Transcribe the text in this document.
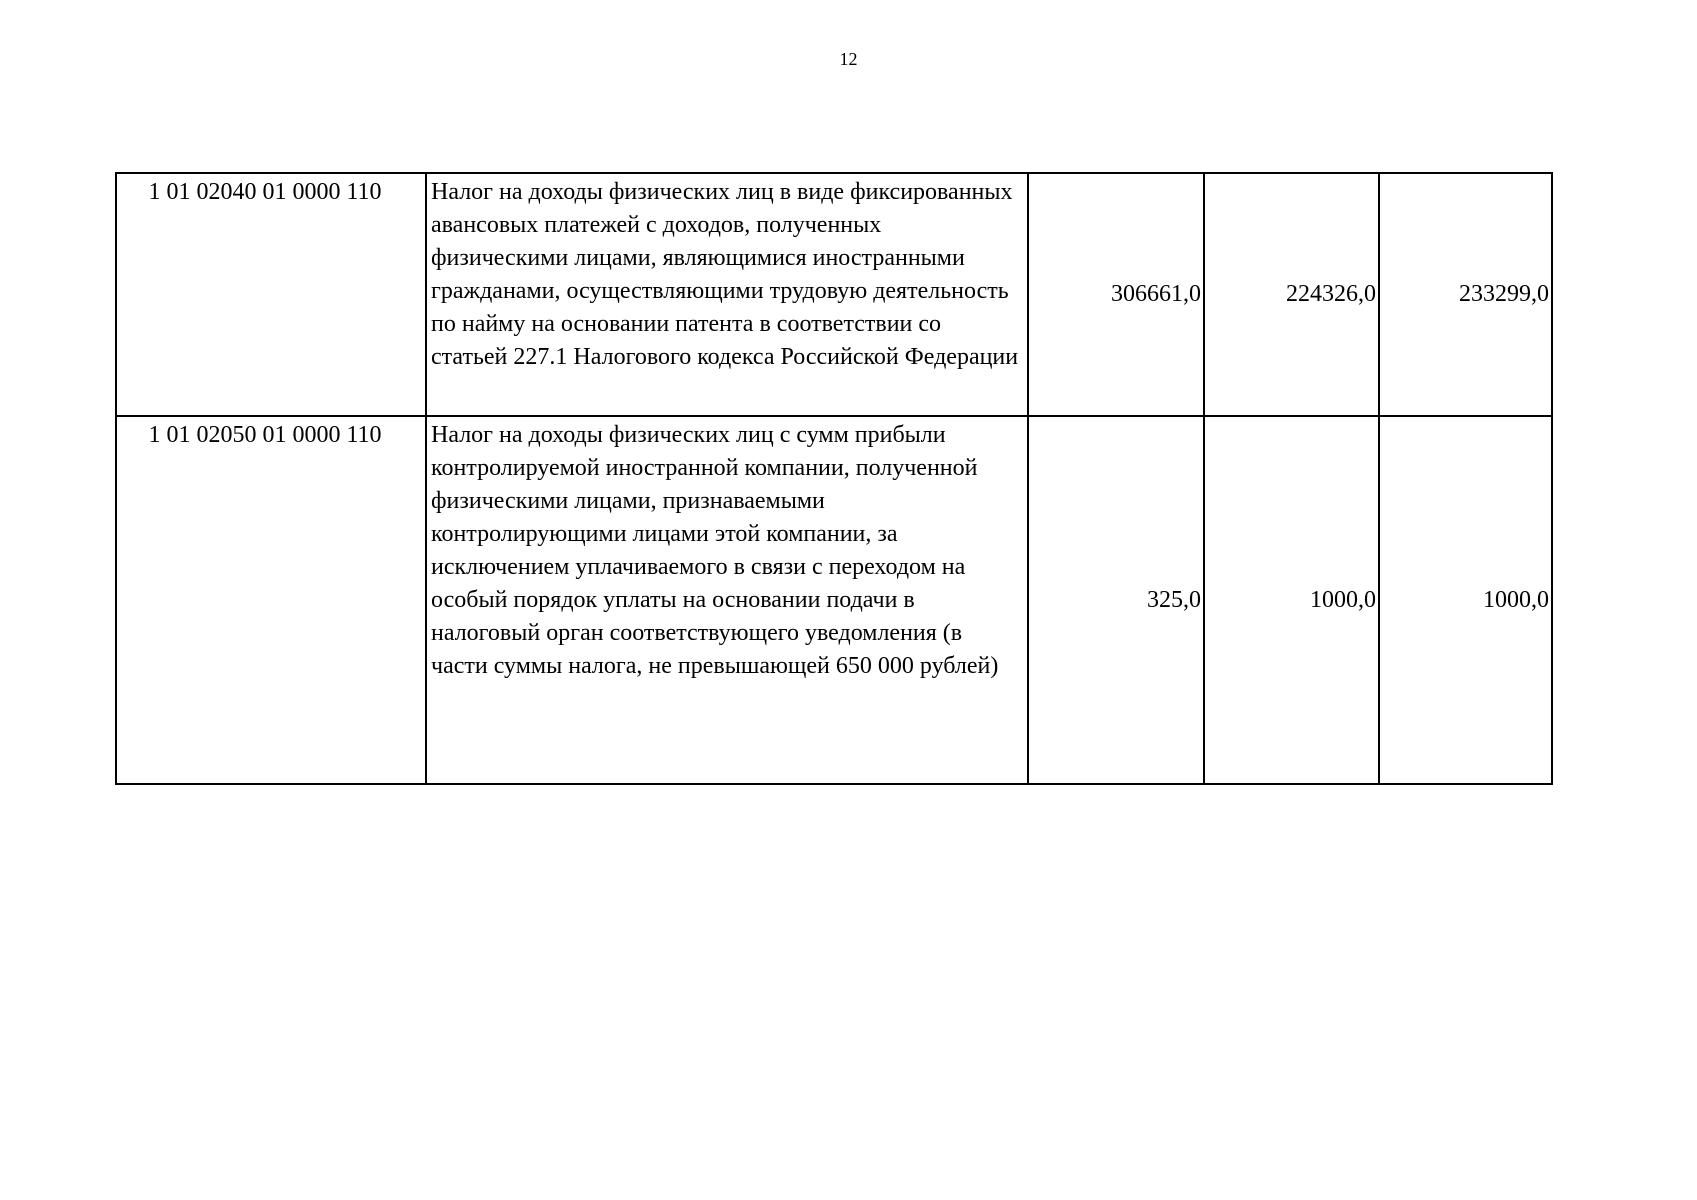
12
1 01 02040 01 0000 110	Налог на доходы физических лиц в виде фиксированных авансовых платежей с доходов, полученных физическими лицами, являющимися иностранными гражданами, осуществляющими трудовую деятельность по найму на основании патента в соответствии со статьей 227.1 Налогового кодекса Российской Федерации	306661,0	224326,0	233299,0
1 01 02050 01 0000 110	Налог на доходы физических лиц с сумм прибыли контролируемой иностранной компании, полученной физическими лицами, признаваемыми контролирующими лицами этой компании, за исключением уплачиваемого в связи с переходом на особый порядок уплаты на основании подачи в налоговый орган соответствующего уведомления (в части суммы налога, не превышающей 650 000 рублей)	325,0	1000,0	1000,0
